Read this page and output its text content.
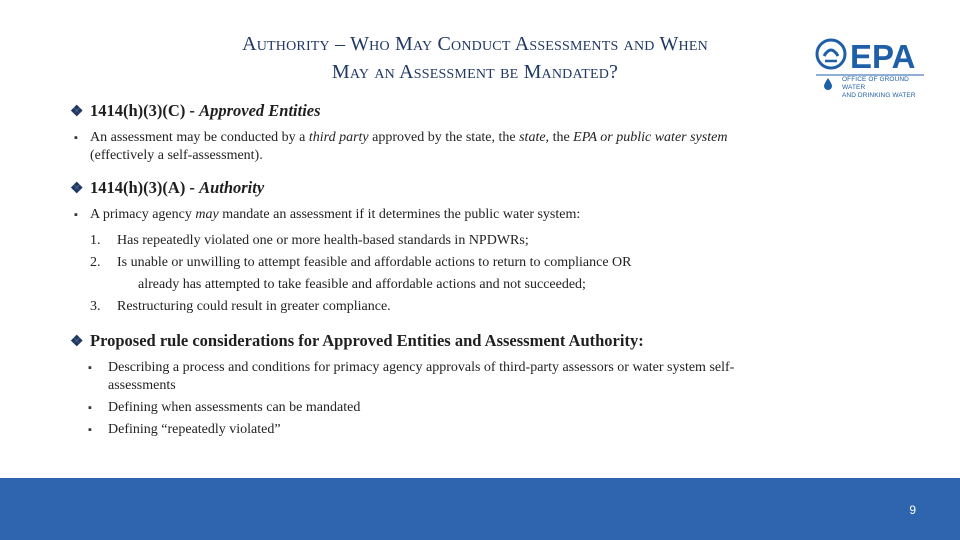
Authority – Who May Conduct Assessments and When
May an Assessment be Mandated?	EPA
OFFICE OF GROUND WATER
AND DRINKING WATER
❖ 1414(h)(3)(C) - Approved Entities
▪ An assessment may be conducted by a third party approved by the state, the state, the EPA or public water system
(effectively a self-assessment).
❖ 1414(h)(3)(A) - Authority
▪ A primacy agency may mandate an assessment if it determines the public water system:
1. Has repeatedly violated one or more health-based standards in NPDWRs;
2. Is unable or unwilling to attempt feasible and affordable actions to return to compliance OR
already has attempted to take feasible and affordable actions and not succeeded;
3. Restructuring could result in greater compliance.
❖ Proposed rule considerations for Approved Entities and Assessment Authority:
▪ Describing a process and conditions for primacy agency approvals of third-party assessors or water system self-
assessments
▪ Defining when assessments can be mandated
▪ Defining “repeatedly violated”
9
